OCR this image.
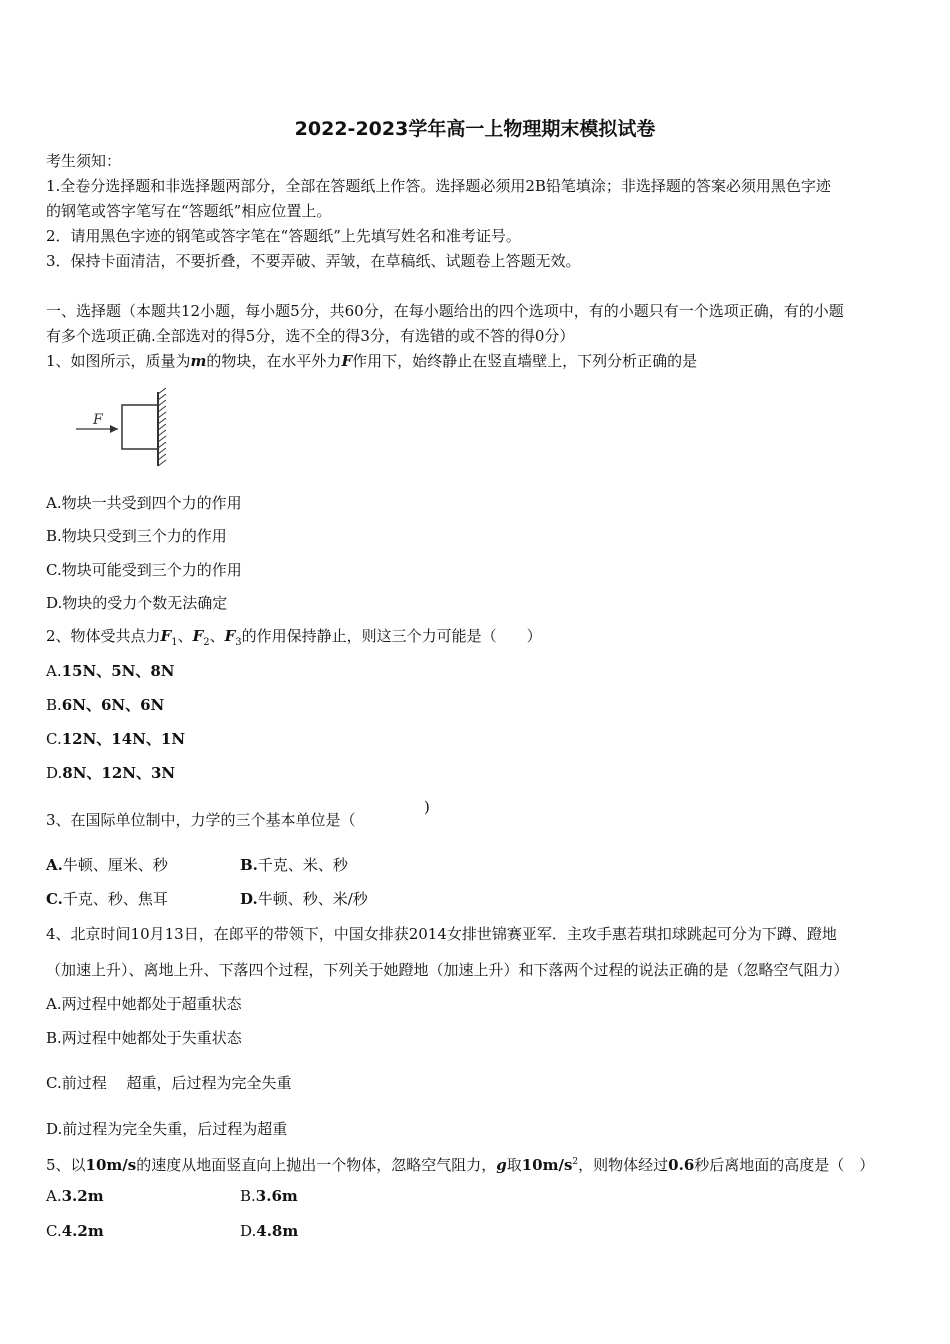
2022-2023学年高一上物理期末模拟试卷
考生须知：
1.全卷分选择题和非选择题两部分，全部在答题纸上作答。选择题必须用2B铅笔填涂；非选择题的答案必须用黑色字迹
的钢笔或答字笔写在“答题纸”相应位置上。
2．请用黑色字迹的钢笔或答字笔在“答题纸”上先填写姓名和准考证号。
3．保持卡面清洁，不要折叠，不要弄破、弄皱，在草稿纸、试题卷上答题无效。
一、选择题（本题共12小题，每小题5分，共60分，在每小题给出的四个选项中，有的小题只有一个选项正确，有的小题
有多个选项正确.全部选对的得5分，选不全的得3分，有选错的或不答的得0分）
1、如图所示，质量为m的物块，在水平外力F作用下，始终静止在竖直墙壁上，下列分析正确的是
F
A.物块一共受到四个力的作用
B.物块只受到三个力的作用
C.物块可能受到三个力的作用
D.物块的受力个数无法确定
2、物体受共点力$F_1$、$F_2$、$F_3$的作用保持静止，则这三个力可能是（　　）
A.15N、5N、8N
B.6N、6N、6N
C.12N、14N、1N
D.8N、12N、3N
3、在国际单位制中，力学的三个基本单位是（
)
A.牛顿、厘米、秒	B.千克、米、秒
C.千克、秒、焦耳	D.牛顿、秒、米/秒
4、北京时间10月13日，在郎平的带领下，中国女排获2014女排世锦赛亚军．主攻手惠若琪扣球跳起可分为下蹲、蹬地
（加速上升）、离地上升、下落四个过程，下列关于她蹬地（加速上升）和下落两个过程的说法正确的是（忽略空气阻力）
A.两过程中她都处于超重状态
B.两过程中她都处于失重状态
C.前过程　 超重，后过程为完全失重
D.前过程为完全失重，后过程为超重
5、以10m/s的速度从地面竖直向上抛出一个物体，忽略空气阻力，g取$10m/s^2$，则物体经过0.6秒后离地面的高度是（　）
A.3.2m	B.3.6m
C.4.2m	D.4.8m
